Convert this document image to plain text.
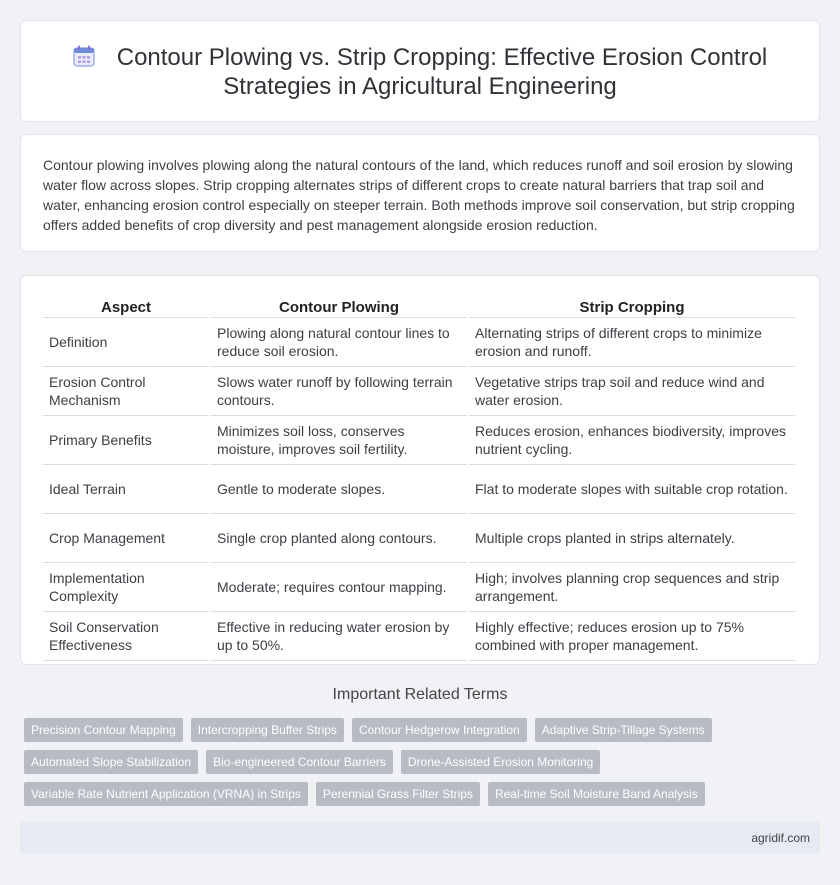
Contour Plowing vs. Strip Cropping: Effective Erosion Control Strategies in Agricultural Engineering

Contour plowing involves plowing along the natural contours of the land, which reduces runoff and soil erosion by slowing water flow across slopes. Strip cropping alternates strips of different crops to create natural barriers that trap soil and water, enhancing erosion control especially on steeper terrain. Both methods improve soil conservation, but strip cropping offers added benefits of crop diversity and pest management alongside erosion reduction.

Aspect	Contour Plowing	Strip Cropping
Definition	Plowing along natural contour lines to reduce soil erosion.	Alternating strips of different crops to minimize erosion and runoff.
Erosion Control Mechanism	Slows water runoff by following terrain contours.	Vegetative strips trap soil and reduce wind and water erosion.
Primary Benefits	Minimizes soil loss, conserves moisture, improves soil fertility.	Reduces erosion, enhances biodiversity, improves nutrient cycling.
Ideal Terrain	Gentle to moderate slopes.	Flat to moderate slopes with suitable crop rotation.
Crop Management	Single crop planted along contours.	Multiple crops planted in strips alternately.
Implementation Complexity	Moderate; requires contour mapping.	High; involves planning crop sequences and strip arrangement.
Soil Conservation Effectiveness	Effective in reducing water erosion by up to 50%.	Highly effective; reduces erosion up to 75% combined with proper management.
Important Related Terms
Precision Contour Mapping	Intercropping Buffer Strips	Contour Hedgerow Integration	Adaptive Strip-Tillage Systems
Automated Slope Stabilization	Bio-engineered Contour Barriers	Drone-Assisted Erosion Monitoring
Variable Rate Nutrient Application (VRNA) in Strips	Perennial Grass Filter Strips	Real-time Soil Moisture Band Analysis
agridif.com
